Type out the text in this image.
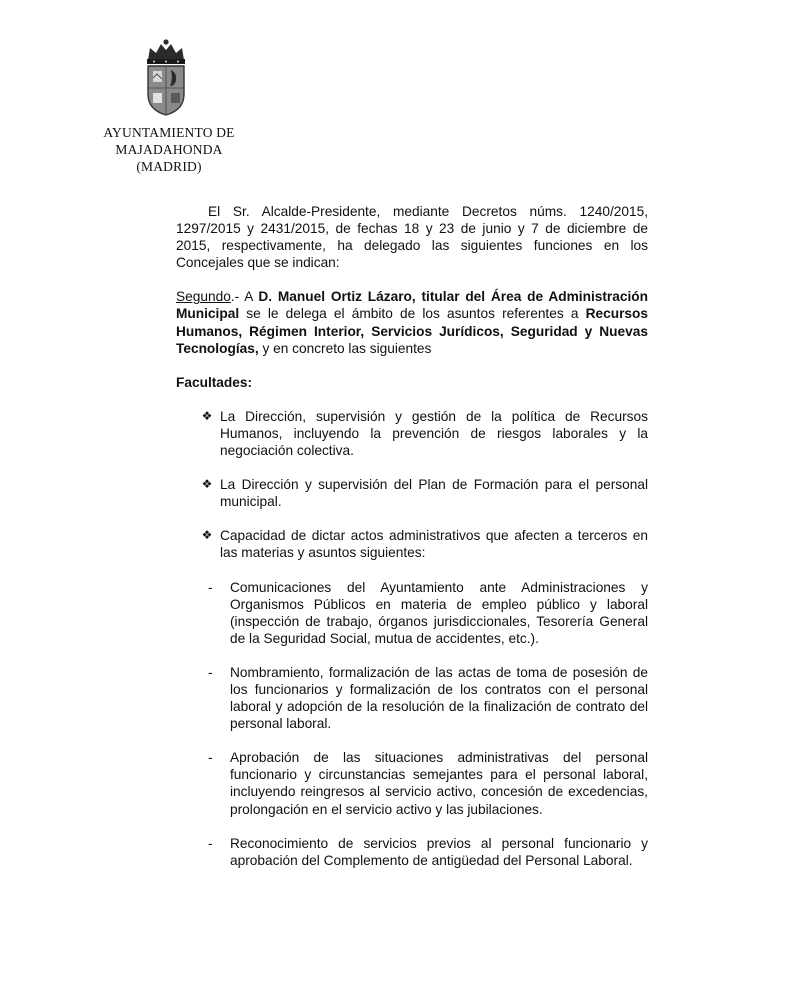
AYUNTAMIENTO DE
MAJADAHONDA
(MADRID)

El Sr. Alcalde-Presidente, mediante Decretos núms. 1240/2015, 1297/2015 y 2431/2015, de fechas 18 y 23 de junio y 7 de diciembre de 2015, respectivamente, ha delegado las siguientes funciones en los Concejales que se indican:

Segundo.- A D. Manuel Ortiz Lázaro, titular del Área de Administración Municipal se le delega el ámbito de los asuntos referentes a Recursos Humanos, Régimen Interior, Servicios Jurídicos, Seguridad y Nuevas Tecnologías, y en concreto las siguientes

Facultades:

❖ La Dirección, supervisión y gestión de la política de Recursos Humanos, incluyendo la prevención de riesgos laborales y la negociación colectiva.
❖ La Dirección y supervisión del Plan de Formación para el personal municipal.
❖ Capacidad de dictar actos administrativos que afecten a terceros en las materias y asuntos siguientes:
- Comunicaciones del Ayuntamiento ante Administraciones y Organismos Públicos en materia de empleo público y laboral (inspección de trabajo, órganos jurisdiccionales, Tesorería General de la Seguridad Social, mutua de accidentes, etc.).
- Nombramiento, formalización de las actas de toma de posesión de los funcionarios y formalización de los contratos con el personal laboral y adopción de la resolución de la finalización de contrato del personal laboral.
- Aprobación de las situaciones administrativas del personal funcionario y circunstancias semejantes para el personal laboral, incluyendo reingresos al servicio activo, concesión de excedencias, prolongación en el servicio activo y las jubilaciones.
- Reconocimiento de servicios previos al personal funcionario y aprobación del Complemento de antigüedad del Personal Laboral.
